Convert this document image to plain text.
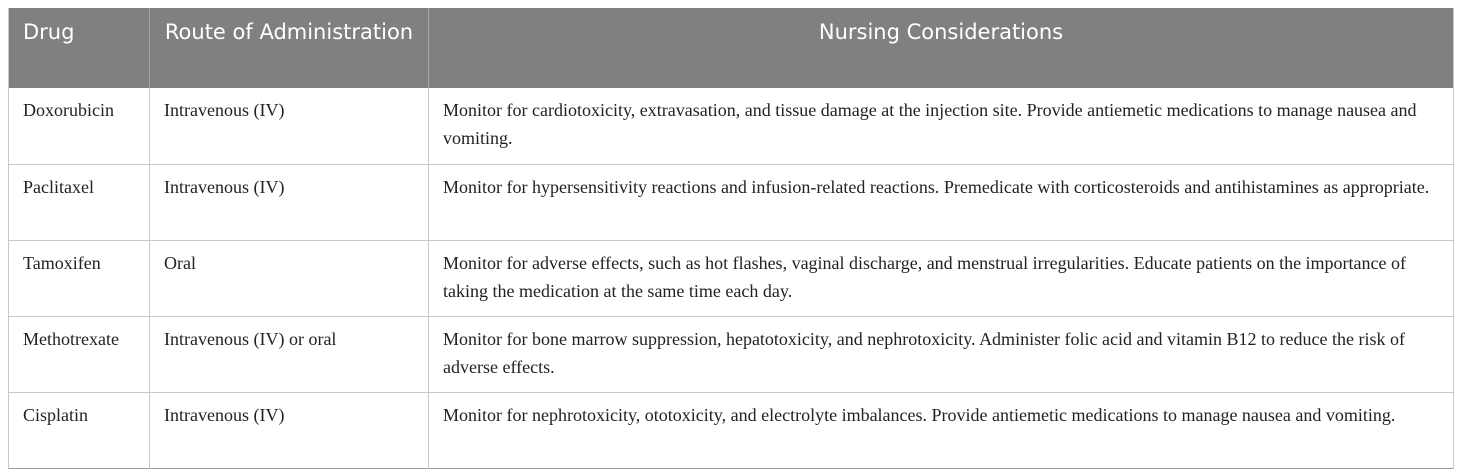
Drug	Route of Administration	Nursing Considerations
Doxorubicin	Intravenous (IV)	Monitor for cardiotoxicity, extravasation, and tissue damage at the injection site. Provide antiemetic medications to manage nausea and vomiting.
Paclitaxel	Intravenous (IV)	Monitor for hypersensitivity reactions and infusion-related reactions. Premedicate with corticosteroids and antihistamines as appropriate.
Tamoxifen	Oral	Monitor for adverse effects, such as hot flashes, vaginal discharge, and menstrual irregularities. Educate patients on the importance of taking the medication at the same time each day.
Methotrexate	Intravenous (IV) or oral	Monitor for bone marrow suppression, hepatotoxicity, and nephrotoxicity. Administer folic acid and vitamin B12 to reduce the risk of adverse effects.
Cisplatin	Intravenous (IV)	Monitor for nephrotoxicity, ototoxicity, and electrolyte imbalances. Provide antiemetic medications to manage nausea and vomiting.
